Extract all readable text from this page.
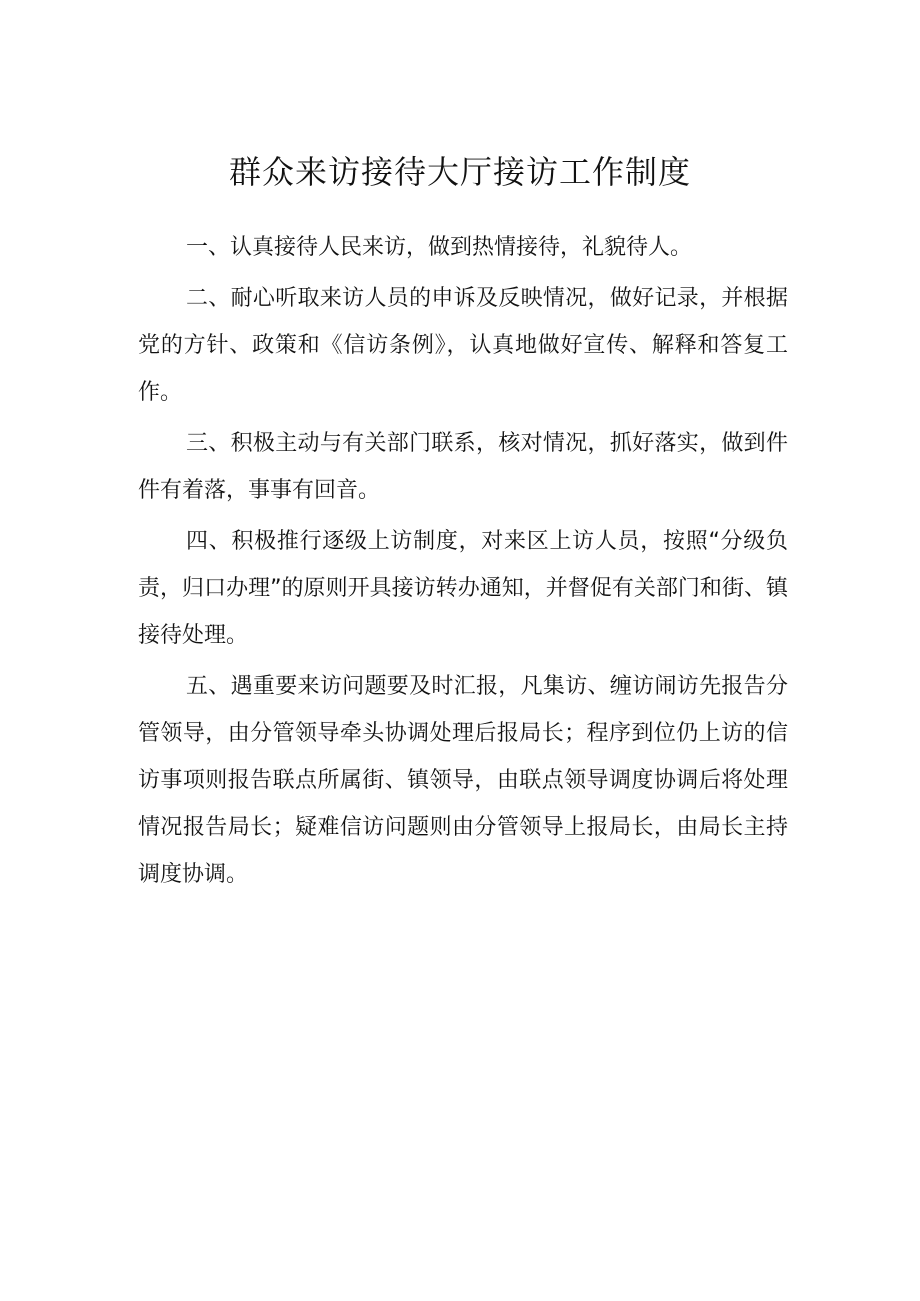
群众来访接待大厅接访工作制度

一、认真接待人民来访，做到热情接待，礼貌待人。

二、耐心听取来访人员的申诉及反映情况，做好记录，并根据党的方针、政策和《信访条例》，认真地做好宣传、解释和答复工作。

三、积极主动与有关部门联系，核对情况，抓好落实，做到件件有着落，事事有回音。

四、积极推行逐级上访制度，对来区上访人员，按照“分级负责，归口办理”的原则开具接访转办通知，并督促有关部门和街、镇接待处理。

五、遇重要来访问题要及时汇报，凡集访、缠访闹访先报告分管领导，由分管领导牵头协调处理后报局长；程序到位仍上访的信访事项则报告联点所属街、镇领导，由联点领导调度协调后将处理情况报告局长；疑难信访问题则由分管领导上报局长，由局长主持调度协调。
